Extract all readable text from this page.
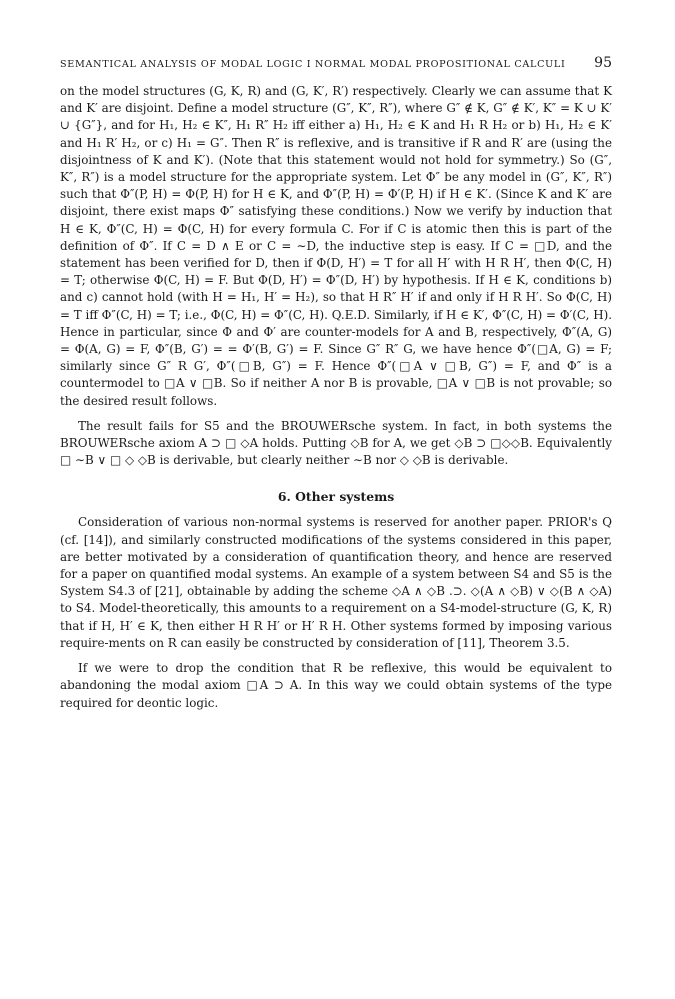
SEMANTICAL ANALYSIS OF MODAL LOGIC I NORMAL MODAL PROPOSITIONAL CALCULI 95

on the model structures (G, K, R) and (G, K′, R′) respectively. Clearly we can assume that K and K′ are disjoint. Define a model structure (G″, K″, R″), where G″ ∉ K, G″ ∉ K′, K″ = K ∪ K′ ∪ {G″}, and for H₁, H₂ ∈ K″, H₁ R″ H₂ iff either a) H₁, H₂ ∈ K and H₁ R H₂ or b) H₁, H₂ ∈ K′ and H₁ R′ H₂, or c) H₁ = G″. Then R″ is reflexive, and is transitive if R and R′ are (using the disjointness of K and K′). (Note that this statement would not hold for symmetry.) So (G″, K″, R″) is a model structure for the appropriate system. Let Φ″ be any model in (G″, K″, R″) such that Φ″(P, H) = Φ(P, H) for H ∈ K, and Φ″(P, H) = Φ′(P, H) if H ∈ K′. (Since K and K′ are disjoint, there exist maps Φ″ satisfying these conditions.) Now we verify by induction that H ∈ K, Φ″(C, H) = Φ(C, H) for every formula C. For if C is atomic then this is part of the definition of Φ″. If C = D ∧ E or C = ∼D, the inductive step is easy. If C = □D, and the statement has been verified for D, then if Φ(D, H′) = T for all H′ with H R H′, then Φ(C, H) = T; otherwise Φ(C, H) = F. But Φ(D, H′) = Φ″(D, H′) by hypothesis. If H ∈ K, conditions b) and c) cannot hold (with H = H₁, H′ = H₂), so that H R″ H′ if and only if H R H′. So Φ(C, H) = T iff Φ″(C, H) = T; i.e., Φ(C, H) = Φ″(C, H). Q.E.D. Similarly, if H ∈ K′, Φ″(C, H) = Φ′(C, H). Hence in particular, since Φ and Φ′ are counter-models for A and B, respectively, Φ″(A, G) = Φ(A, G) = F, Φ″(B, G′) = = Φ′(B, G′) = F. Since G″ R″ G, we have hence Φ″(□A, G) = F; similarly since G″ R G′, Φ″(□B, G″) = F. Hence Φ″(□A ∨ □B, G″) = F, and Φ″ is a countermodel to □A ∨ □B. So if neither A nor B is provable, □A ∨ □B is not provable; so the desired result follows.

The result fails for S5 and the BROUWERsche system. In fact, in both systems the BROUWERsche axiom A ⊃ □ ◇A holds. Putting ◇B for A, we get ◇B ⊃ □◇◇B. Equivalently □ ∼B ∨ □ ◇ ◇B is derivable, but clearly neither ∼B nor ◇ ◇B is derivable.

6. Other systems

Consideration of various non-normal systems is reserved for another paper. PRIOR's Q (cf. [14]), and similarly constructed modifications of the systems considered in this paper, are better motivated by a consideration of quantification theory, and hence are reserved for a paper on quantified modal systems. An example of a system between S4 and S5 is the System S4.3 of [21], obtainable by adding the scheme ◇A ∧ ◇B .⊃. ◇(A ∧ ◇B) ∨ ◇(B ∧ ◇A) to S4. Model-theoretically, this amounts to a requirement on a S4-model-structure (G, K, R) that if H, H′ ∈ K, then either H R H′ or H′ R H. Other systems formed by imposing various require-ments on R can easily be constructed by consideration of [11], Theorem 3.5.

If we were to drop the condition that R be reflexive, this would be equivalent to abandoning the modal axiom □A ⊃ A. In this way we could obtain systems of the type required for deontic logic.
